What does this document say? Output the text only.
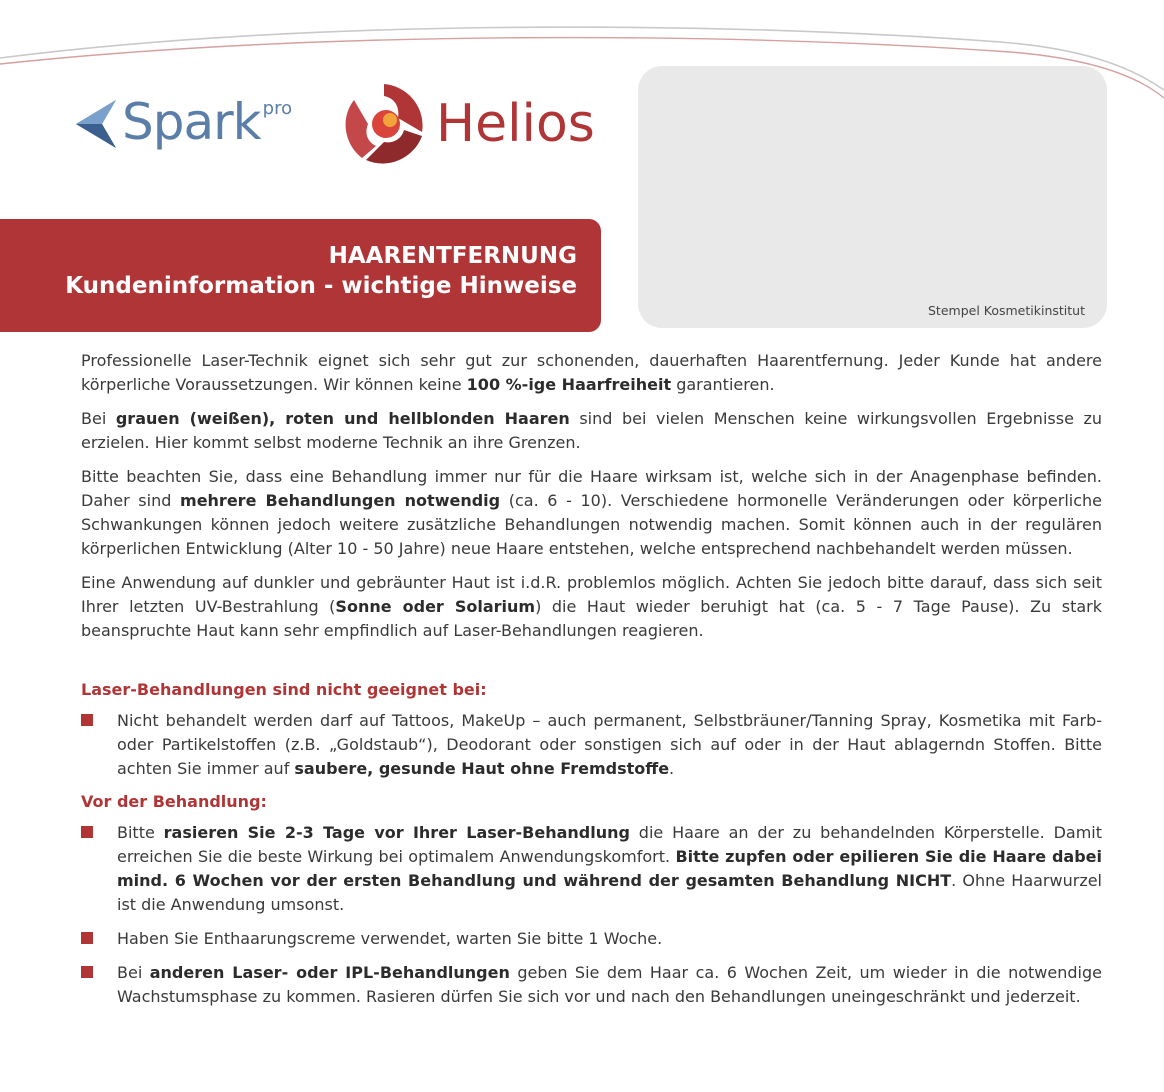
Spark pro	Helios
Stempel Kosmetikinstitut
HAARENTFERNUNG
Kundeninformation - wichtige Hinweise

Professionelle Laser-Technik eignet sich sehr gut zur schonenden, dauerhaften Haarentfernung. Jeder Kunde hat andere körperliche Voraussetzungen. Wir können keine 100 %-ige Haarfreiheit garantieren.

Bei grauen (weißen), roten und hellblonden Haaren sind bei vielen Menschen keine wirkungsvollen Ergebnisse zu erzielen. Hier kommt selbst moderne Technik an ihre Grenzen.

Bitte beachten Sie, dass eine Behandlung immer nur für die Haare wirksam ist, welche sich in der Anagenphase befinden. Daher sind mehrere Behandlungen notwendig (ca. 6 - 10). Verschiedene hormonelle Veränderungen oder körperliche Schwankungen können jedoch weitere zusätzliche Behandlungen notwendig machen. Somit können auch in der regulären körperlichen Entwicklung (Alter 10 - 50 Jahre) neue Haare entstehen, welche entsprechend nachbehandelt werden müssen.

Eine Anwendung auf dunkler und gebräunter Haut ist i.d.R. problemlos möglich. Achten Sie jedoch bitte darauf, dass sich seit Ihrer letzten UV-Bestrahlung (Sonne oder Solarium) die Haut wieder beruhigt hat (ca. 5 - 7 Tage Pause). Zu stark beanspruchte Haut kann sehr empfindlich auf Laser-Behandlungen reagieren.

Laser-Behandlungen sind nicht geeignet bei:
Nicht behandelt werden darf auf Tattoos, MakeUp – auch permanent, Selbstbräuner/Tanning Spray, Kosmetika mit Farb- oder Partikelstoffen (z.B. „Goldstaub“), Deodorant oder sonstigen sich auf oder in der Haut ablagerndn Stoffen. Bitte achten Sie immer auf saubere, gesunde Haut ohne Fremdstoffe.
Vor der Behandlung:
Bitte rasieren Sie 2-3 Tage vor Ihrer Laser-Behandlung die Haare an der zu behandelnden Körperstelle. Damit erreichen Sie die beste Wirkung bei optimalem Anwendungskomfort. Bitte zupfen oder epilieren Sie die Haare dabei mind. 6 Wochen vor der ersten Behandlung und während der gesamten Behandlung NICHT. Ohne Haarwurzel ist die Anwendung umsonst.
Haben Sie Enthaarungscreme verwendet, warten Sie bitte 1 Woche.
Bei anderen Laser- oder IPL-Behandlungen geben Sie dem Haar ca. 6 Wochen Zeit, um wieder in die notwendige Wachstumsphase zu kommen. Rasieren dürfen Sie sich vor und nach den Behandlungen uneingeschränkt und jederzeit.
